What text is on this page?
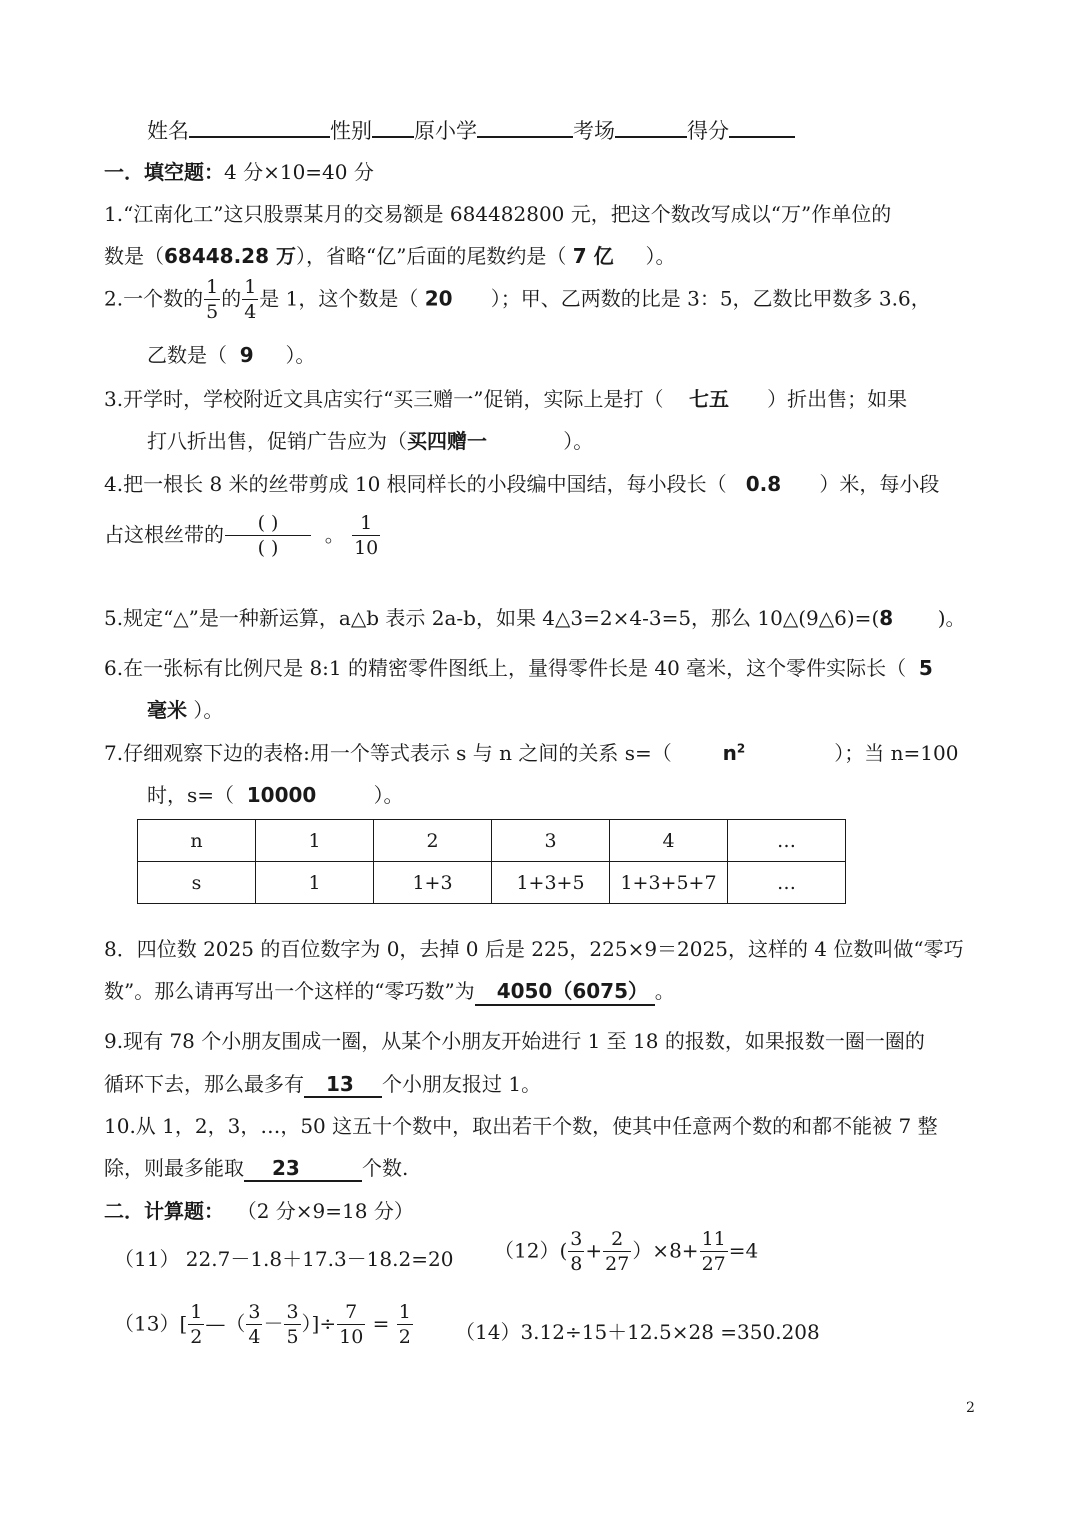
姓名	性别 原小学	考场	得分
一．填空题：4 分×10=40 分
1.“江南化工”这只股票某月的交易额是 684482800 元，把这个数改写成以“万”作单位的
数是（68448.28 万），省略“亿”后面的尾数约是（ 7 亿 ）。
2.一个数的 $\frac{1}{5}$ 的 $\frac{1}{4}$ 是 1，这个数是（ 20 ）；甲、乙两数的比是 3：5，乙数比甲数多 3.6，
乙数是（ 9 ）。
3.开学时，学校附近文具店实行“买三赠一”促销，实际上是打（ 七五 ）折出售；如果
打八折出售，促销广告应为（买四赠一	）。
4.把一根长 8 米的丝带剪成 10 根同样长的小段编中国结，每小段长（ 0.8 ）米，每小段
占这根丝带的 $\frac{( )}{( )}$ 。 $\frac{1}{10}$
5.规定“△”是一种新运算，a△b 表示 2a-b，如果 4△3=2×4-3=5，那么 10△(9△6)=(8 )。
6.在一张标有比例尺是 8:1 的精密零件图纸上，量得零件长是 40 毫米，这个零件实际长（ 5
毫米 ）。
7.仔细观察下边的表格:用一个等式表示 s 与 n 之间的关系 s=（	$n^2$	）；当 n=100
时，s=（ 10000	）。
n	1	2	3	4	…
s	1	1+3	1+3+5	1+3+5+7	…
8．四位数 2025 的百位数字为 0，去掉 0 后是 225，225×9＝2025，这样的 4 位数叫做“零巧
数”。那么请再写出一个这样的“零巧数”为 4050（6075） 。
9.现有 78 个小朋友围成一圈，从某个小朋友开始进行 1 至 18 的报数，如果报数一圈一圈的
循环下去，那么最多有 13 个小朋友报过 1。
10.从 1，2，3，…，50 这五十个数中，取出若干个数，使其中任意两个数的和都不能被 7 整
除，则最多能取 23	个数.
二．计算题： （2 分×9=18 分）
（11） 22.7－1.8＋17.3－18.2=20 $(12)( \frac{3}{8} + \frac{2}{27} )\times 8+ \frac{11}{27} =4$
$(13)[ \frac{1}{2}$ —（ $\frac{3}{4} - \frac{3}{5}$ ）]÷ $\frac{7}{10} = \frac{1}{2} (14)3.12\div 15+12.5\times 28 =350.208$
2
